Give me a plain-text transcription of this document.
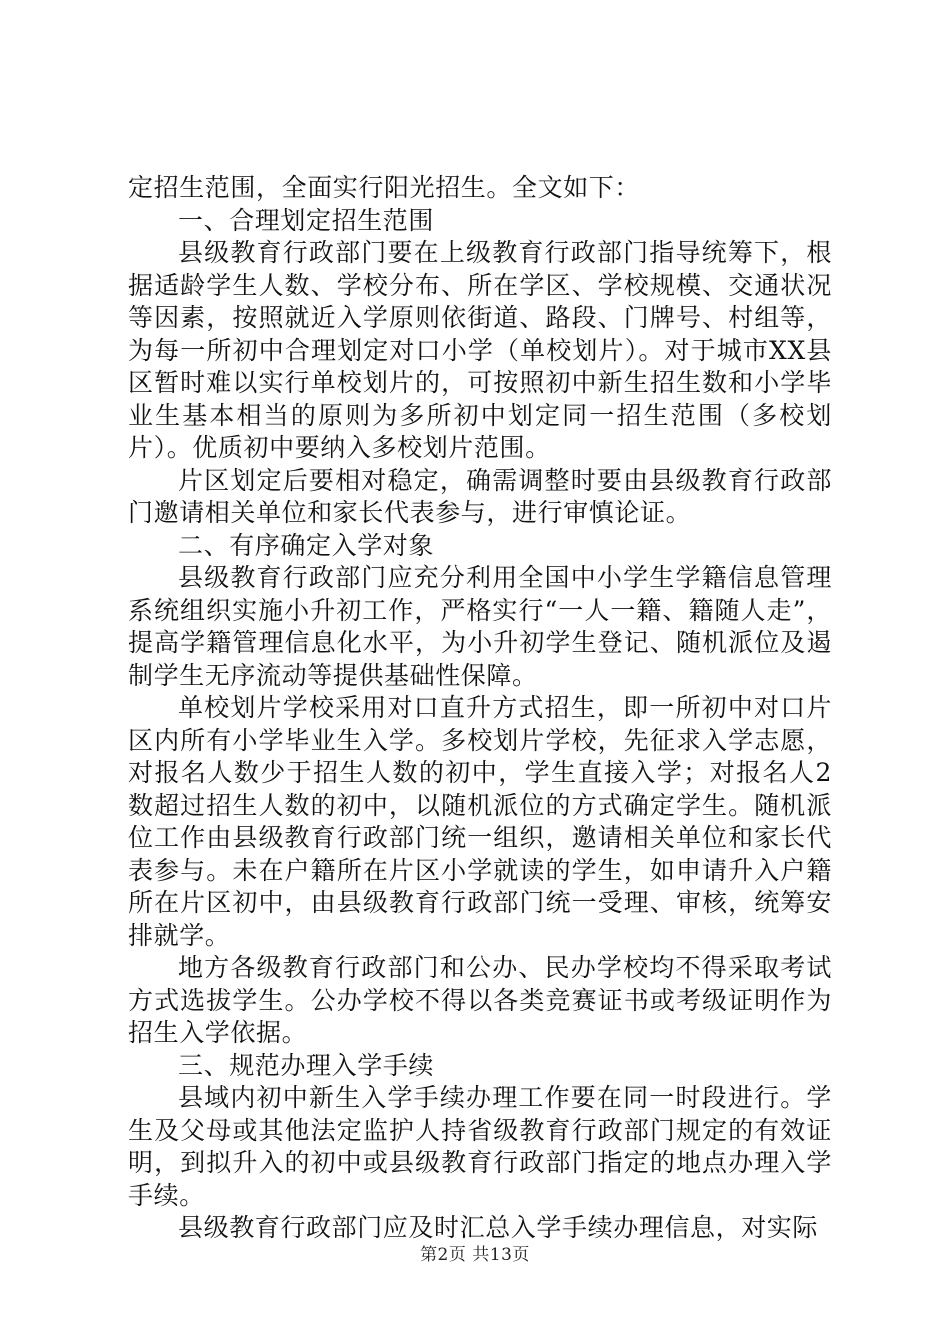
定招生范围，全面实行阳光招生。全文如下：

一、合理划定招生范围

县级教育行政部门要在上级教育行政部门指导统筹下，根据适龄学生人数、学校分布、所在学区、学校规模、交通状况等因素，按照就近入学原则依街道、路段、门牌号、村组等，为每一所初中合理划定对口小学（单校划片）。对于城市XX县区暂时难以实行单校划片的，可按照初中新生招生数和小学毕业生基本相当的原则为多所初中划定同一招生范围（多校划片）。优质初中要纳入多校划片范围。

片区划定后要相对稳定，确需调整时要由县级教育行政部门邀请相关单位和家长代表参与，进行审慎论证。

二、有序确定入学对象

县级教育行政部门应充分利用全国中小学生学籍信息管理系统组织实施小升初工作，严格实行“一人一籍、籍随人走”，提高学籍管理信息化水平，为小升初学生登记、随机派位及遏制学生无序流动等提供基础性保障。

单校划片学校采用对口直升方式招生，即一所初中对口片区内所有小学毕业生入学。多校划片学校，先征求入学志愿，对报名人数少于招生人数的初中，学生直接入学；对报名人2数超过招生人数的初中，以随机派位的方式确定学生。随机派位工作由县级教育行政部门统一组织，邀请相关单位和家长代表参与。未在户籍所在片区小学就读的学生，如申请升入户籍所在片区初中，由县级教育行政部门统一受理、审核，统筹安排就学。

地方各级教育行政部门和公办、民办学校均不得采取考试方式选拔学生。公办学校不得以各类竞赛证书或考级证明作为招生入学依据。

三、规范办理入学手续

县域内初中新生入学手续办理工作要在同一时段进行。学生及父母或其他法定监护人持省级教育行政部门规定的有效证明，到拟升入的初中或县级教育行政部门指定的地点办理入学手续。

县级教育行政部门应及时汇总入学手续办理信息，对实际

第2页 共13页
